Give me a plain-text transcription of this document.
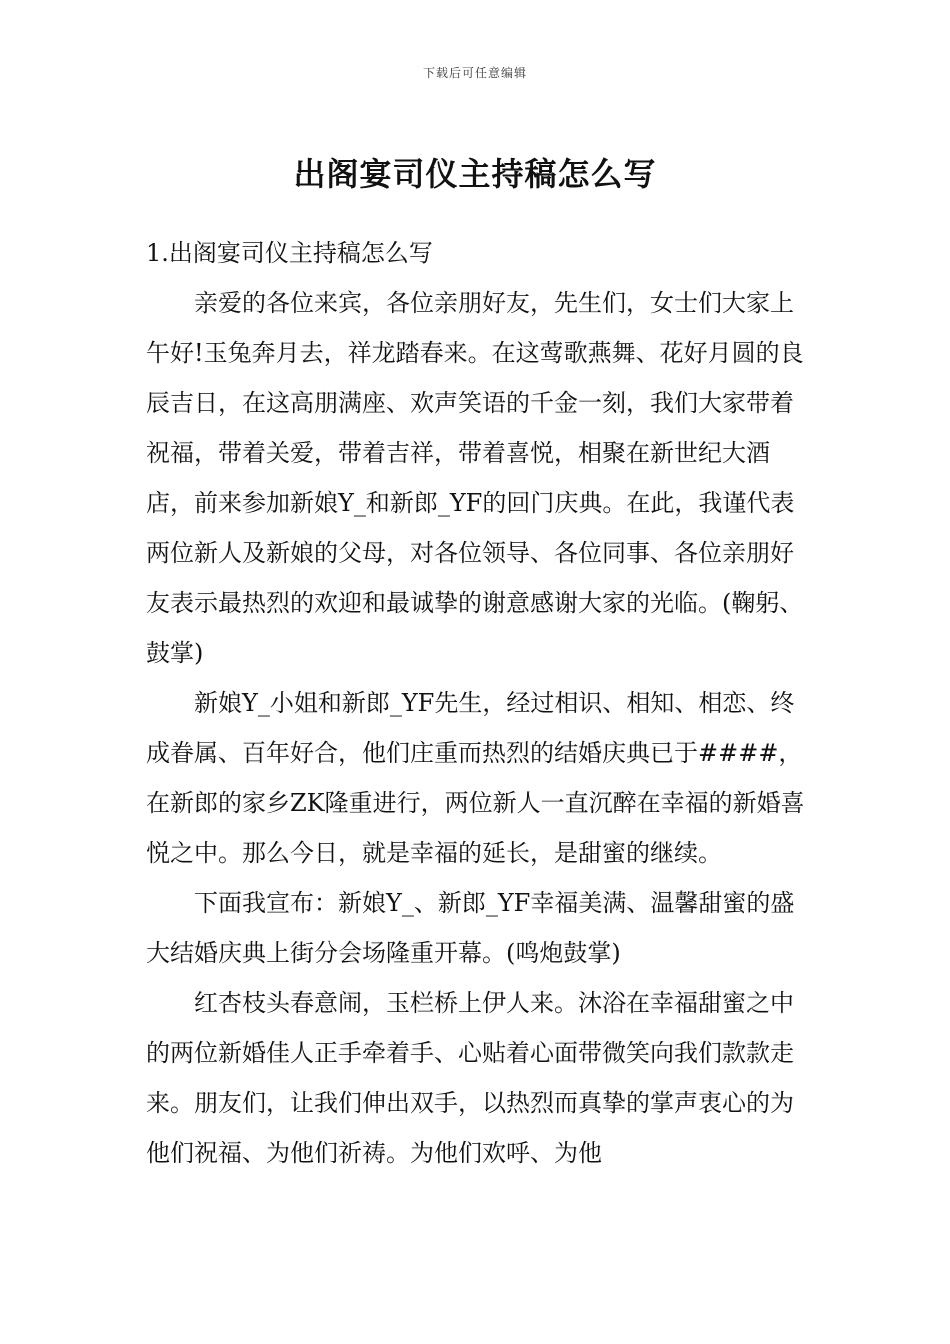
下载后可任意编辑
出阁宴司仪主持稿怎么写

1.出阁宴司仪主持稿怎么写

亲爱的各位来宾，各位亲朋好友，先生们，女士们大家上午好!玉兔奔月去，祥龙踏春来。在这莺歌燕舞、花好月圆的良辰吉日，在这高朋满座、欢声笑语的千金一刻，我们大家带着祝福，带着关爱，带着吉祥，带着喜悦，相聚在新世纪大酒店，前来参加新娘Y_和新郎_YF的回门庆典。在此，我谨代表两位新人及新娘的父母，对各位领导、各位同事、各位亲朋好友表示最热烈的欢迎和最诚挚的谢意感谢大家的光临。(鞠躬、鼓掌)

新娘Y_小姐和新郎_YF先生，经过相识、相知、相恋、终成眷属、百年好合，他们庄重而热烈的结婚庆典已于####，在新郎的家乡ZK隆重进行，两位新人一直沉醉在幸福的新婚喜悦之中。那么今日，就是幸福的延长，是甜蜜的继续。

下面我宣布：新娘Y_、新郎_YF幸福美满、温馨甜蜜的盛大结婚庆典上街分会场隆重开幕。(鸣炮鼓掌)

红杏枝头春意闹，玉栏桥上伊人来。沐浴在幸福甜蜜之中的两位新婚佳人正手牵着手、心贴着心面带微笑向我们款款走来。朋友们，让我们伸出双手，以热烈而真挚的掌声衷心的为他们祝福、为他们祈祷。为他们欢呼、为他
